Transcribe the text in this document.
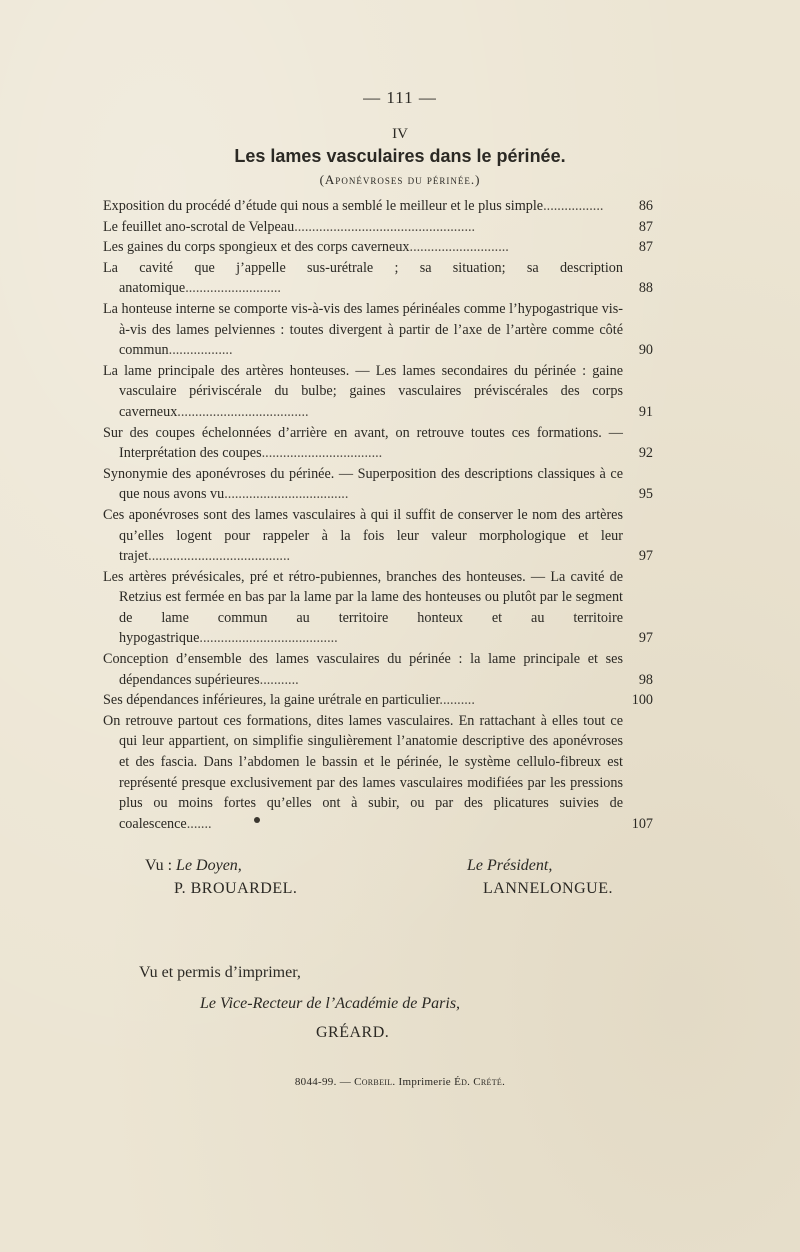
— 111 —
IV
Les lames vasculaires dans le périnée.
(Aponévroses du périnée.)
Exposition du procédé d’étude qui nous a semblé le meilleur et le plus simple.................	86
Le feuillet ano-scrotal de Velpeau...................................................	87
Les gaines du corps spongieux et des corps caverneux............................	87
La cavité que j’appelle sus-urétrale ; sa situation; sa description anatomique...........................	88
La honteuse interne se comporte vis-à-vis des lames périnéales comme l’hypogastrique vis-à-vis des lames pelviennes : toutes divergent à partir de l’axe de l’artère comme côté commun..................	90
La lame principale des artères honteuses. — Les lames secondaires du périnée : gaine vasculaire périviscérale du bulbe; gaines vasculaires préviscérales des corps caverneux.....................................	91
Sur des coupes échelonnées d’arrière en avant, on retrouve toutes ces formations. — Interprétation des coupes..................................	92
Synonymie des aponévroses du périnée. — Superposition des descriptions classiques à ce que nous avons vu...................................	95
Ces aponévroses sont des lames vasculaires à qui il suffit de conserver le nom des artères qu’elles logent pour rappeler à la fois leur valeur morphologique et leur trajet........................................	97
Les artères prévésicales, pré et rétro-pubiennes, branches des honteuses. — La cavité de Retzius est fermée en bas par la lame par la lame des honteuses ou plutôt par le segment de lame commun au territoire honteux et au territoire hypogastrique.......................................	97
Conception d’ensemble des lames vasculaires du périnée : la lame principale et ses dépendances supérieures...........	98
Ses dépendances inférieures, la gaine urétrale en particulier..........	100
On retrouve partout ces formations, dites lames vasculaires. En rattachant à elles tout ce qui leur appartient, on simplifie singulièrement l’anatomie descriptive des aponévroses et des fascia. Dans l’abdomen le bassin et le périnée, le système cellulo-fibreux est représenté presque exclusivement par des lames vasculaires modifiées par les pressions plus ou moins fortes qu’elles ont à subir, ou par des plicatures suivies de coalescence.......	107
Vu : Le Doyen,	Le Président,
P. BROUARDEL.	LANNELONGUE.
Vu et permis d’imprimer,
Le Vice-Recteur de l’Académie de Paris,
GRÉARD.
8044-99. — Corbeil. Imprimerie Éd. Crété.
